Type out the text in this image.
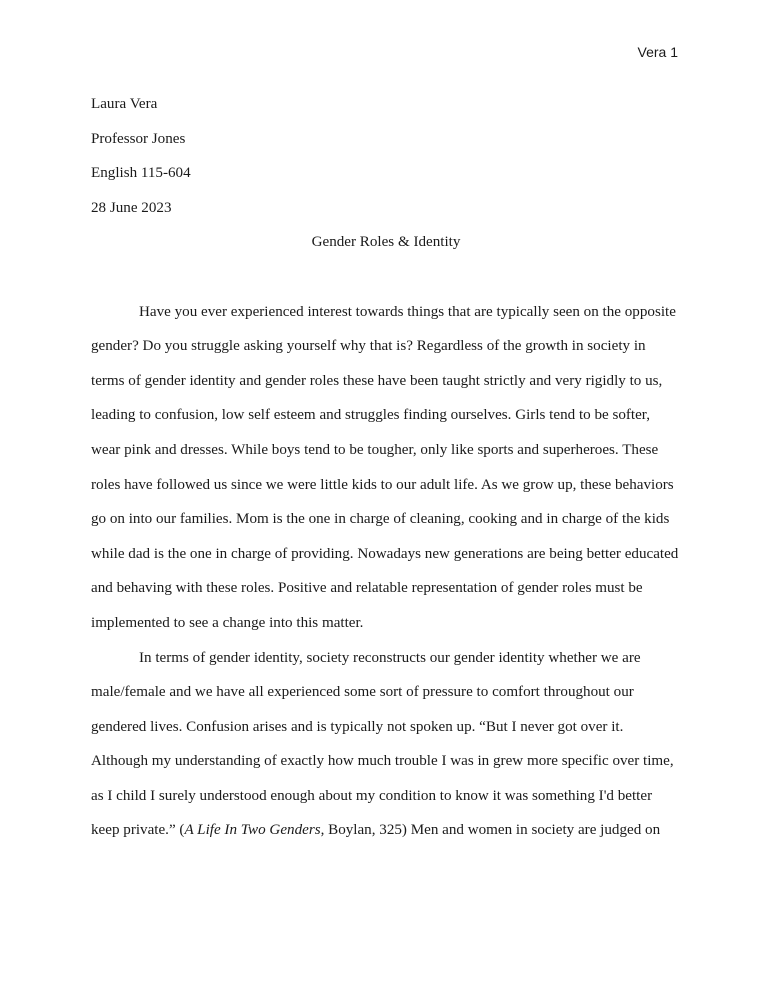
Vera 1
Laura Vera
Professor Jones
English 115-604
28 June 2023
Gender Roles & Identity
Have you ever experienced interest towards things that are typically seen on the opposite
gender? Do you struggle asking yourself why that is? Regardless of the growth in society in
terms of gender identity and gender roles these have been taught strictly and very rigidly to us,
leading to confusion, low self esteem and struggles finding ourselves. Girls tend to be softer,
wear pink and dresses. While boys tend to be tougher, only like sports and superheroes. These
roles have followed us since we were little kids to our adult life. As we grow up, these behaviors
go on into our families. Mom is the one in charge of cleaning, cooking and in charge of the kids
while dad is the one in charge of providing. Nowadays new generations are being better educated
and behaving with these roles. Positive and relatable representation of gender roles must be
implemented to see a change into this matter.
In terms of gender identity, society reconstructs our gender identity whether we are
male/female and we have all experienced some sort of pressure to comfort throughout our
gendered lives. Confusion arises and is typically not spoken up. “But I never got over it.
Although my understanding of exactly how much trouble I was in grew more specific over time,
as I child I surely understood enough about my condition to know it was something I'd better
keep private.” (A Life In Two Genders, Boylan, 325) Men and women in society are judged on
